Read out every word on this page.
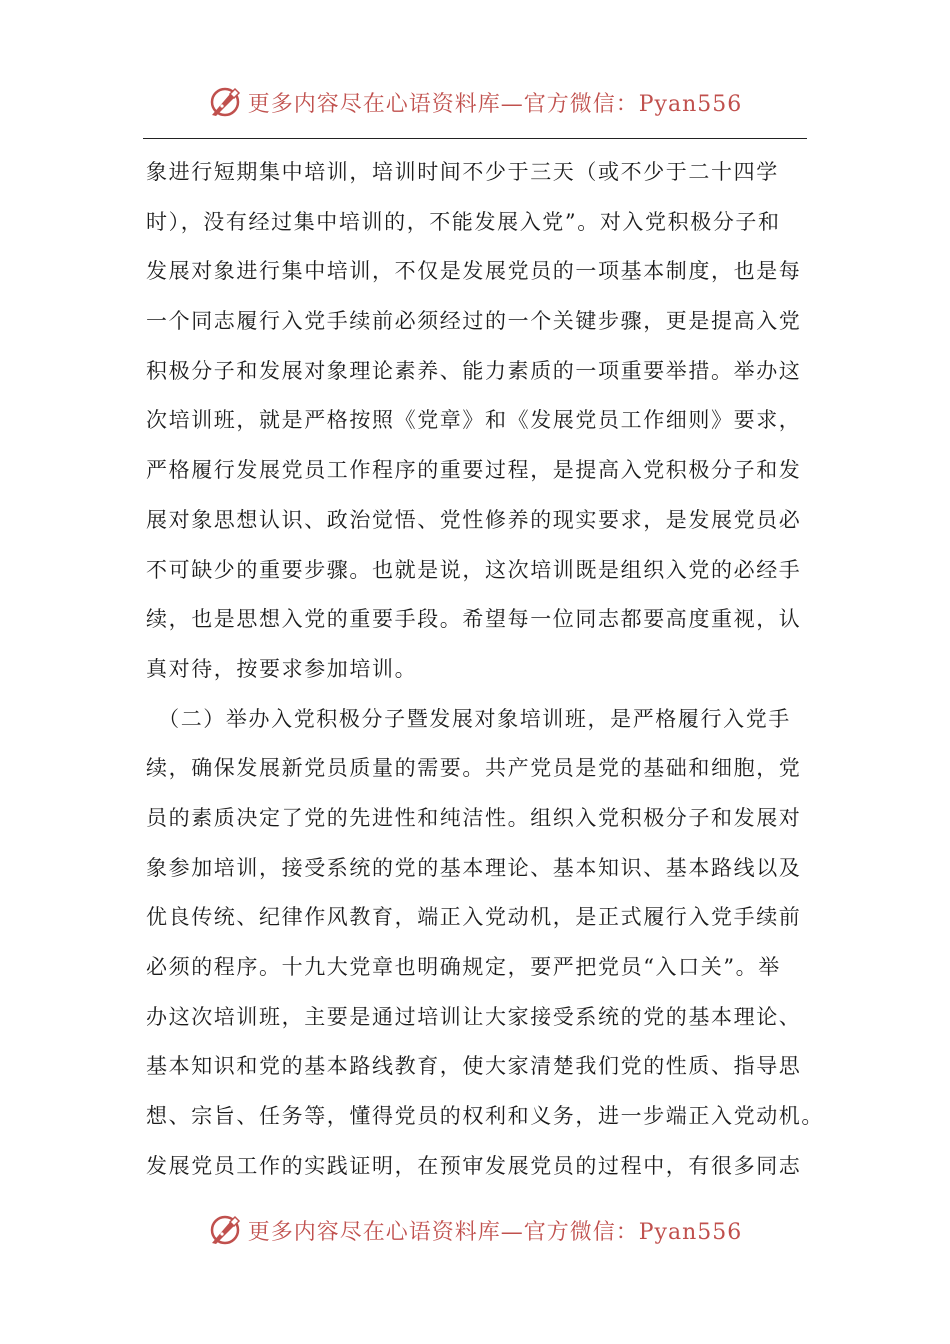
更多内容尽在心语资料库—官方微信：Pyan556
象进行短期集中培训，培训时间不少于三天（或不少于二十四学
时），没有经过集中培训的，不能发展入党”。对入党积极分子和
发展对象进行集中培训，不仅是发展党员的一项基本制度，也是每
一个同志履行入党手续前必须经过的一个关键步骤，更是提高入党
积极分子和发展对象理论素养、能力素质的一项重要举措。举办这
次培训班，就是严格按照《党章》和《发展党员工作细则》要求，
严格履行发展党员工作程序的重要过程，是提高入党积极分子和发
展对象思想认识、政治觉悟、党性修养的现实要求，是发展党员必
不可缺少的重要步骤。也就是说，这次培训既是组织入党的必经手
续，也是思想入党的重要手段。希望每一位同志都要高度重视，认
真对待，按要求参加培训。
　（二）举办入党积极分子暨发展对象培训班，是严格履行入党手
续，确保发展新党员质量的需要。共产党员是党的基础和细胞，党
员的素质决定了党的先进性和纯洁性。组织入党积极分子和发展对
象参加培训，接受系统的党的基本理论、基本知识、基本路线以及
优良传统、纪律作风教育，端正入党动机，是正式履行入党手续前
必须的程序。十九大党章也明确规定，要严把党员“入口关”。举
办这次培训班，主要是通过培训让大家接受系统的党的基本理论、
基本知识和党的基本路线教育，使大家清楚我们党的性质、指导思
想、宗旨、任务等，懂得党员的权利和义务，进一步端正入党动机。
发展党员工作的实践证明，在预审发展党员的过程中，有很多同志
更多内容尽在心语资料库—官方微信：Pyan556
